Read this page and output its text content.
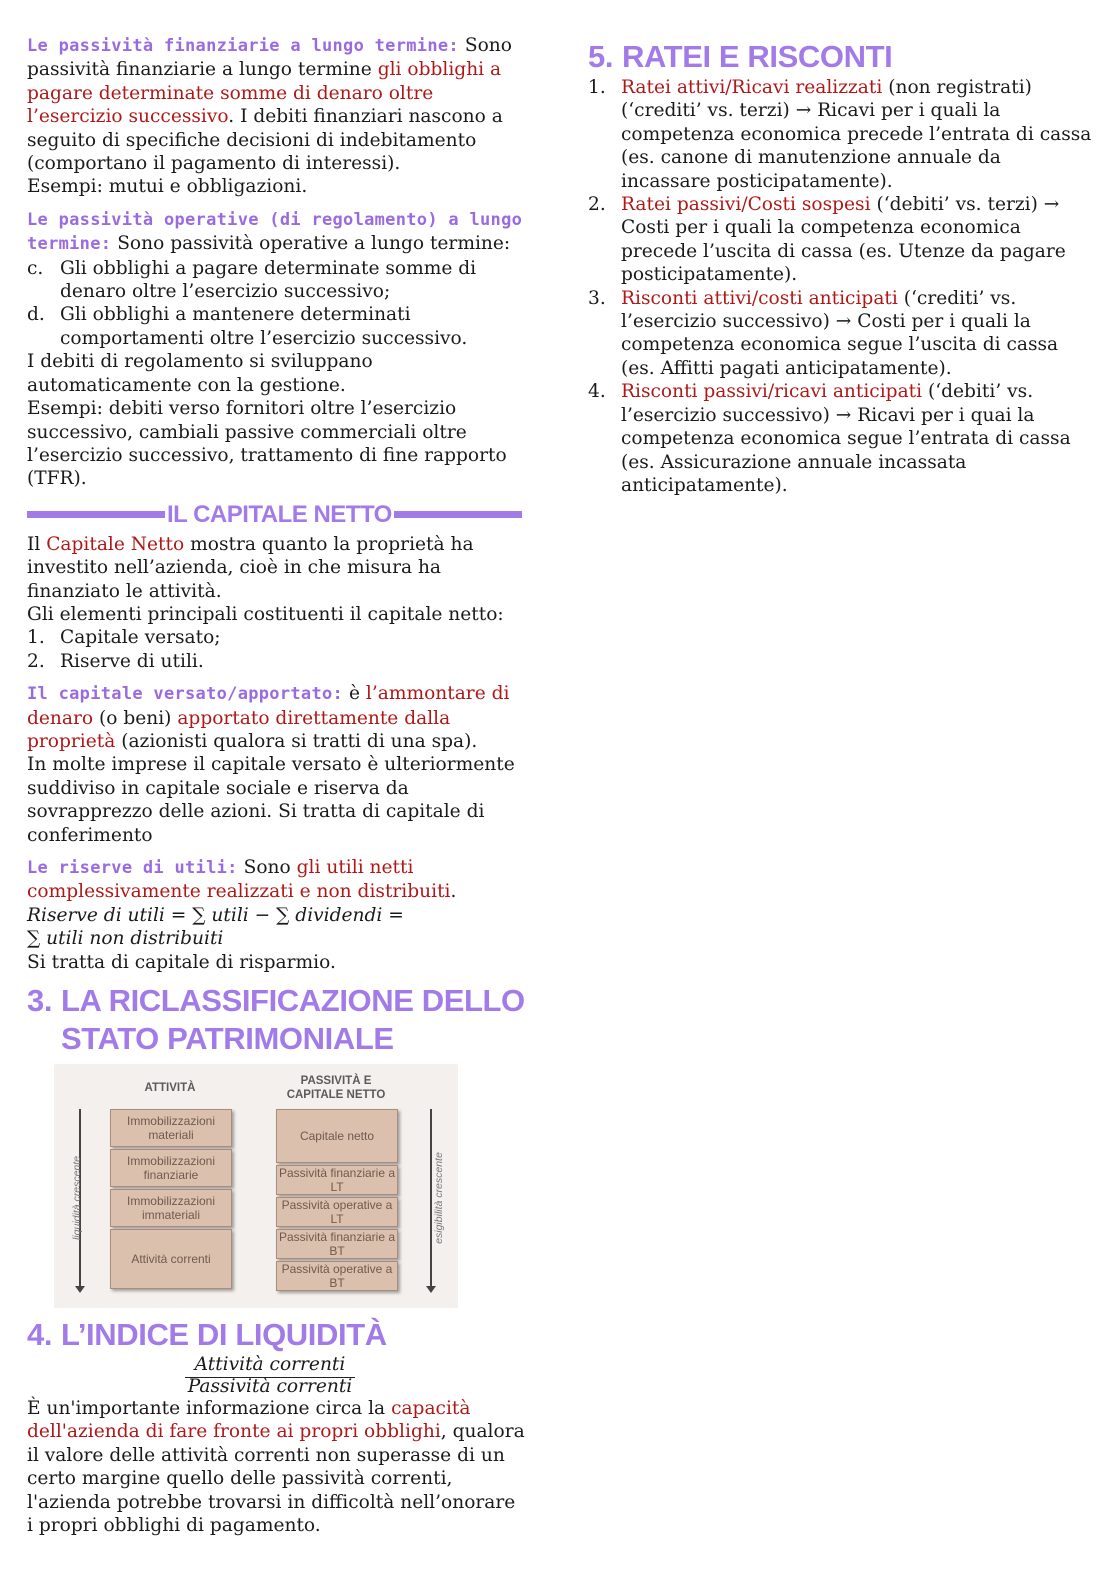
Le passività finanziarie a lungo termine: Sono passività finanziarie a lungo termine gli obblighi a pagare determinate somme di denaro oltre l’esercizio successivo. I debiti finanziari nascono a seguito di specifiche decisioni di indebitamento (comportano il pagamento di interessi).

Esempi: mutui e obbligazioni.

Le passività operative (di regolamento) a lungo
termine: Sono passività operative a lungo termine:

c. Gli obblighi a pagare determinate somme di denaro oltre l’esercizio successivo;
d. Gli obblighi a mantenere determinati comportamenti oltre l’esercizio successivo.

I debiti di regolamento si sviluppano automaticamente con la gestione.

Esempi: debiti verso fornitori oltre l’esercizio successivo, cambiali passive commerciali oltre l’esercizio successivo, trattamento di fine rapporto (TFR).

IL CAPITALE NETTO

Il Capitale Netto mostra quanto la proprietà ha investito nell’azienda, cioè in che misura ha finanziato le attività.

Gli elementi principali costituenti il capitale netto:

1. Capitale versato;
2. Riserve di utili.

Il capitale versato/apportato: è l’ammontare di denaro (o beni) apportato direttamente dalla proprietà (azionisti qualora si tratti di una spa).

In molte imprese il capitale versato è ulteriormente suddiviso in capitale sociale e riserva da sovrapprezzo delle azioni. Si tratta di capitale di conferimento

Le riserve di utili: Sono gli utili netti complessivamente realizzati e non distribuiti.

Riserve di utili = ∑ utili − ∑ dividendi =

∑ utili non distribuiti

Si tratta di capitale di risparmio.

3. LA RICLASSIFICAZIONE DELLO
STATO PATRIMONIALE
ATTIVITÀ
PASSIVITÀ E
CAPITALE NETTO
liquidità crescente	esigibilità crescente
Immobilizzazioni materiali
Immobilizzazioni finanziarie
Immobilizzazioni immateriali
Attività correnti
Capitale netto
Passività finanziarie a LT
Passività operative a LT
Passività finanziarie a BT
Passività operative a BT
4. L’INDICE DI LIQUIDITÀ
Attività correnti
Passività correnti

È un'importante informazione circa la capacità dell'azienda di fare fronte ai propri obblighi, qualora il valore delle attività correnti non superasse di un certo margine quello delle passività correnti, l'azienda potrebbe trovarsi in difficoltà nell’onorare i propri obblighi di pagamento.

5. RATEI E RISCONTI
1. Ratei attivi/Ricavi realizzati (non registrati) (‘crediti’ vs. terzi) → Ricavi per i quali la competenza economica precede l’entrata di cassa (es. canone di manutenzione annuale da incassare posticipatamente).
2. Ratei passivi/Costi sospesi (‘debiti’ vs. terzi) → Costi per i quali la competenza economica precede l’uscita di cassa (es. Utenze da pagare posticipatamente).
3. Risconti attivi/costi anticipati (‘crediti’ vs. l’esercizio successivo) → Costi per i quali la competenza economica segue l’uscita di cassa (es. Affitti pagati anticipatamente).
4. Risconti passivi/ricavi anticipati (‘debiti’ vs. l’esercizio successivo) → Ricavi per i quai la competenza economica segue l’entrata di cassa (es. Assicurazione annuale incassata anticipatamente).
